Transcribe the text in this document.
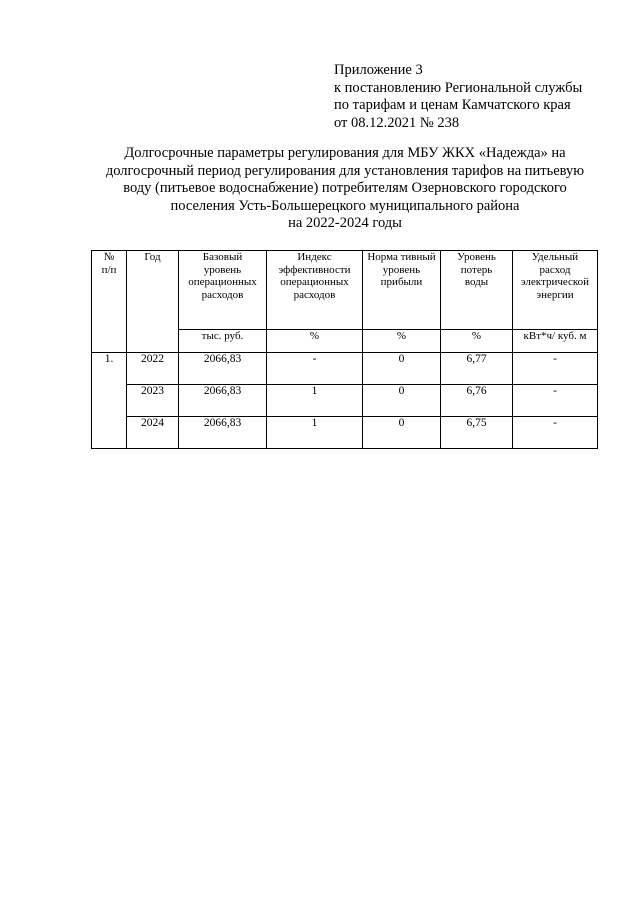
Приложение 3
к постановлению Региональной службы
по тарифам и ценам Камчатского края
от 08.12.2021 № 238
Долгосрочные параметры регулирования для МБУ ЖКХ «Надежда» на
долгосрочный период регулирования для установления тарифов на питьевую
воду (питьевое водоснабжение) потребителям Озерновского городского
поселения Усть-Большерецкого муниципального района
на 2022-2024 годы
№
п/п	Год	Базовый
уровень
операционных
расходов	Индекс
эффективности
операционных
расходов	Норма тивный
уровень
прибыли	Уровень
потерь
воды	Удельный
расход
электрической
энергии

		тыс. руб.	%	%	%	кВт*ч/ куб. м
1.	2022	2066,83	-	0	6,77	-
	2023	2066,83	1	0	6,76	-
	2024	2066,83	1	0	6,75	-
